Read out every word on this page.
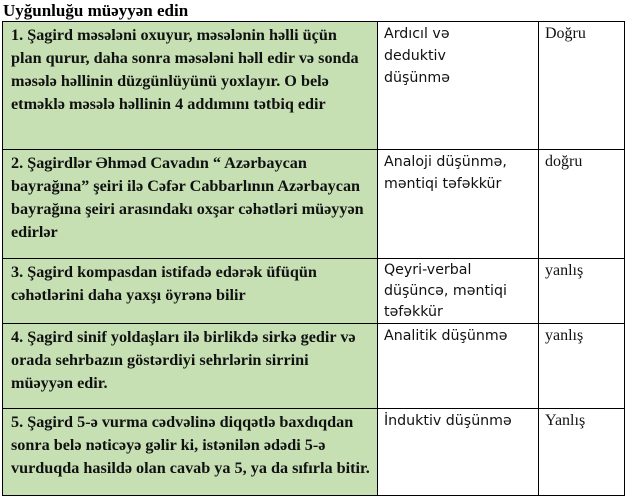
Uyğunluğu müəyyən edin
1. Şagird məsələni oxuyur, məsələnin həlli üçün plan qurur, daha sonra məsələni həll edir və sonda məsələ həllinin düzgünlüyünü yoxlayır. O belə etməklə məsələ həllinin 4 addımını tətbiq edir	Ardıcıl və
deduktiv
düşünmə	Doğru
2. Şagirdlər Əhməd Cavadın “ Azərbaycan bayrağına” şeiri ilə Cəfər Cabbarlının Azərbaycan bayrağına şeiri arasındakı oxşar cəhətləri müəyyən edirlər	Analoji düşünmə,
məntiqi təfəkkür	doğru
3. Şagird kompasdan istifadə edərək üfüqün cəhətlərini daha yaxşı öyrənə bilir	Qeyri-verbal
düşüncə, məntiqi
təfəkkür	yanlış
4. Şagird sinif yoldaşları ilə birlikdə sirkə gedir və orada sehrbazın göstərdiyi sehrlərin sirrini müəyyən edir.	Analitik düşünmə	yanlış
5. Şagird 5-ə vurma cədvəlinə diqqətlə baxdıqdan sonra belə nəticəyə gəlir ki, istənilən ədədi 5-ə vurduqda hasildə olan cavab ya 5, ya da sıfırla bitir.	İnduktiv düşünmə	Yanlış
